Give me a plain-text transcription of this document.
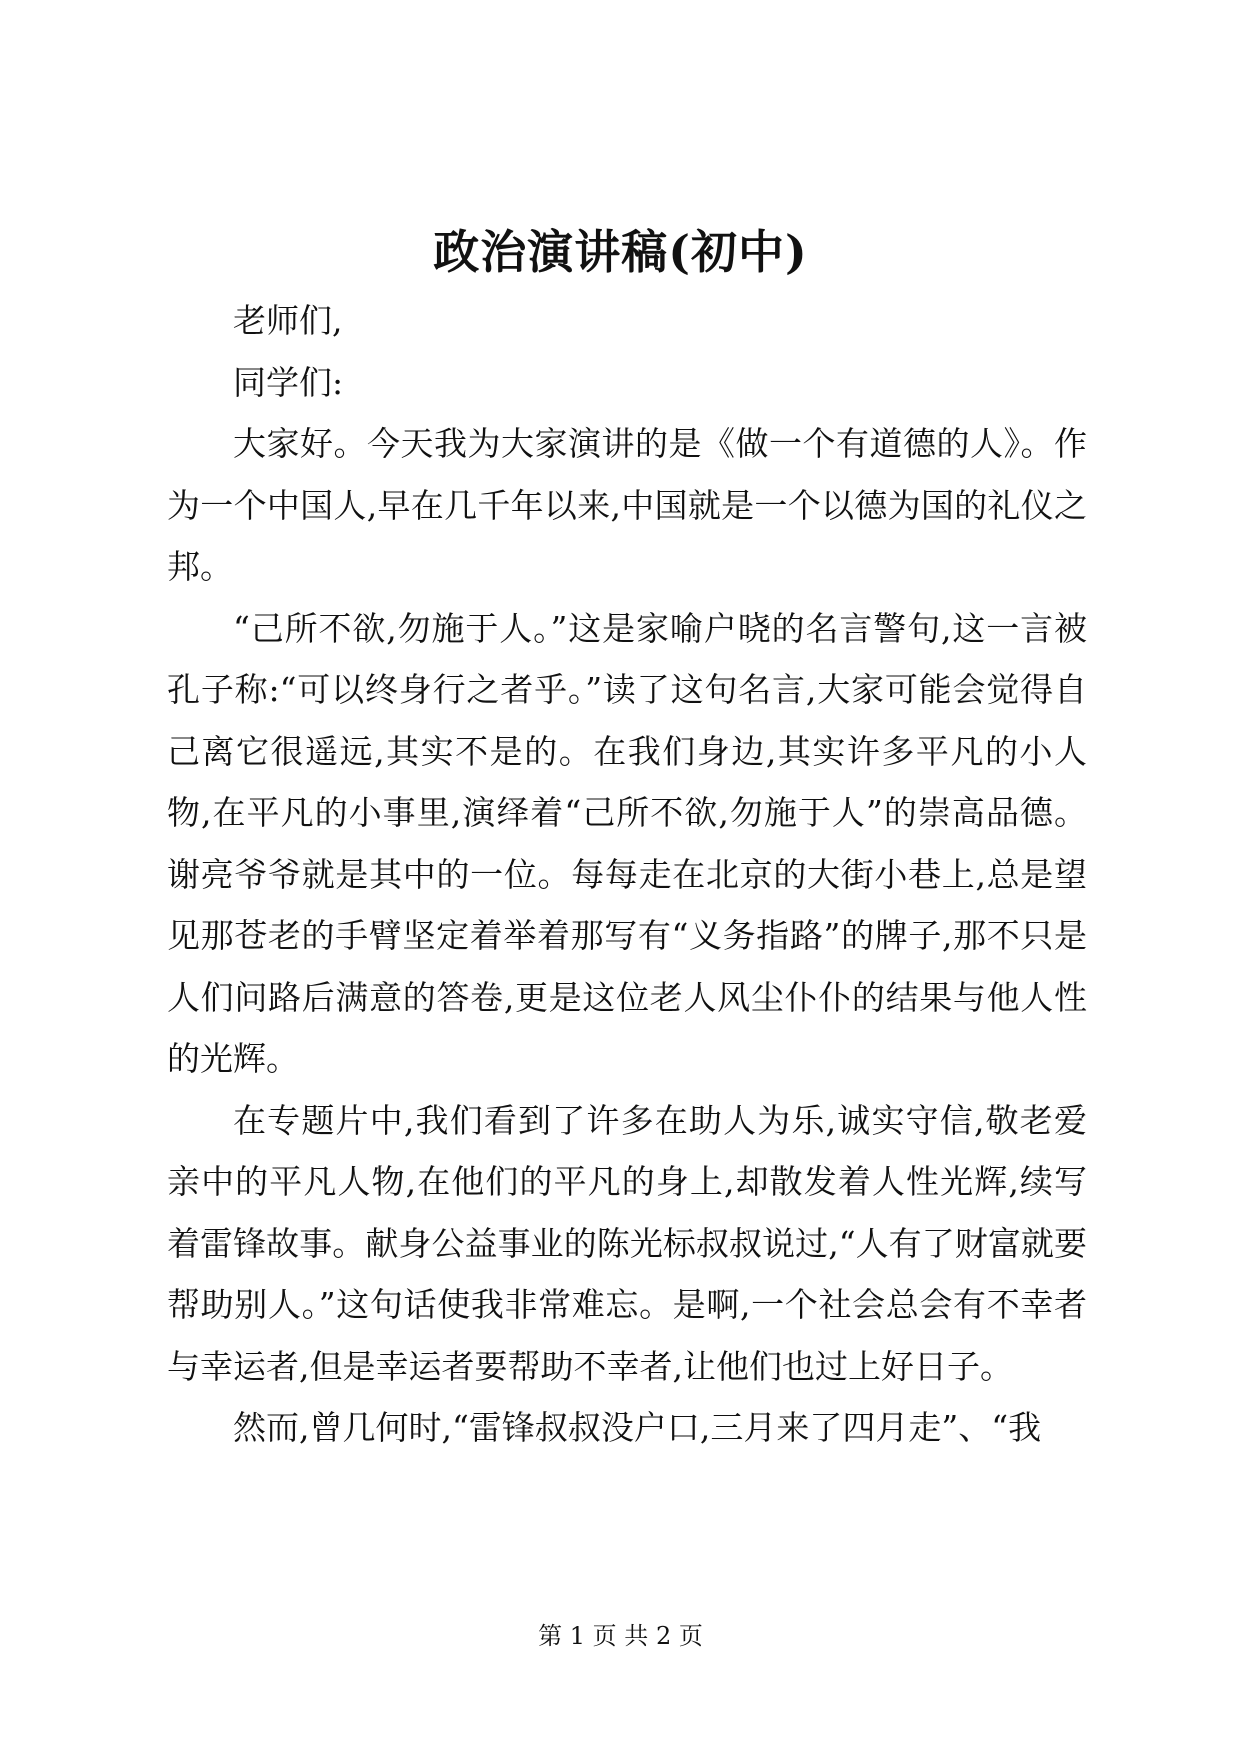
政治演讲稿(初中)

老师们,

同学们:

大家好。今天我为大家演讲的是《做一个有道德的人》。作为一个中国人,早在几千年以来,中国就是一个以德为国的礼仪之邦。

“己所不欲,勿施于人。”这是家喻户晓的名言警句,这一言被孔子称:“可以终身行之者乎。”读了这句名言,大家可能会觉得自己离它很遥远,其实不是的。在我们身边,其实许多平凡的小人物,在平凡的小事里,演绎着“己所不欲,勿施于人”的崇高品德。谢亮爷爷就是其中的一位。每每走在北京的大街小巷上,总是望见那苍老的手臂坚定着举着那写有“义务指路”的牌子,那不只是人们问路后满意的答卷,更是这位老人风尘仆仆的结果与他人性的光辉。

在专题片中,我们看到了许多在助人为乐,诚实守信,敬老爱亲中的平凡人物,在他们的平凡的身上,却散发着人性光辉,续写着雷锋故事。献身公益事业的陈光标叔叔说过,“人有了财富就要帮助别人。”这句话使我非常难忘。是啊,一个社会总会有不幸者与幸运者,但是幸运者要帮助不幸者,让他们也过上好日子。

然而,曾几何时,“雷锋叔叔没户口,三月来了四月走”、“我

第 1 页 共 2 页
